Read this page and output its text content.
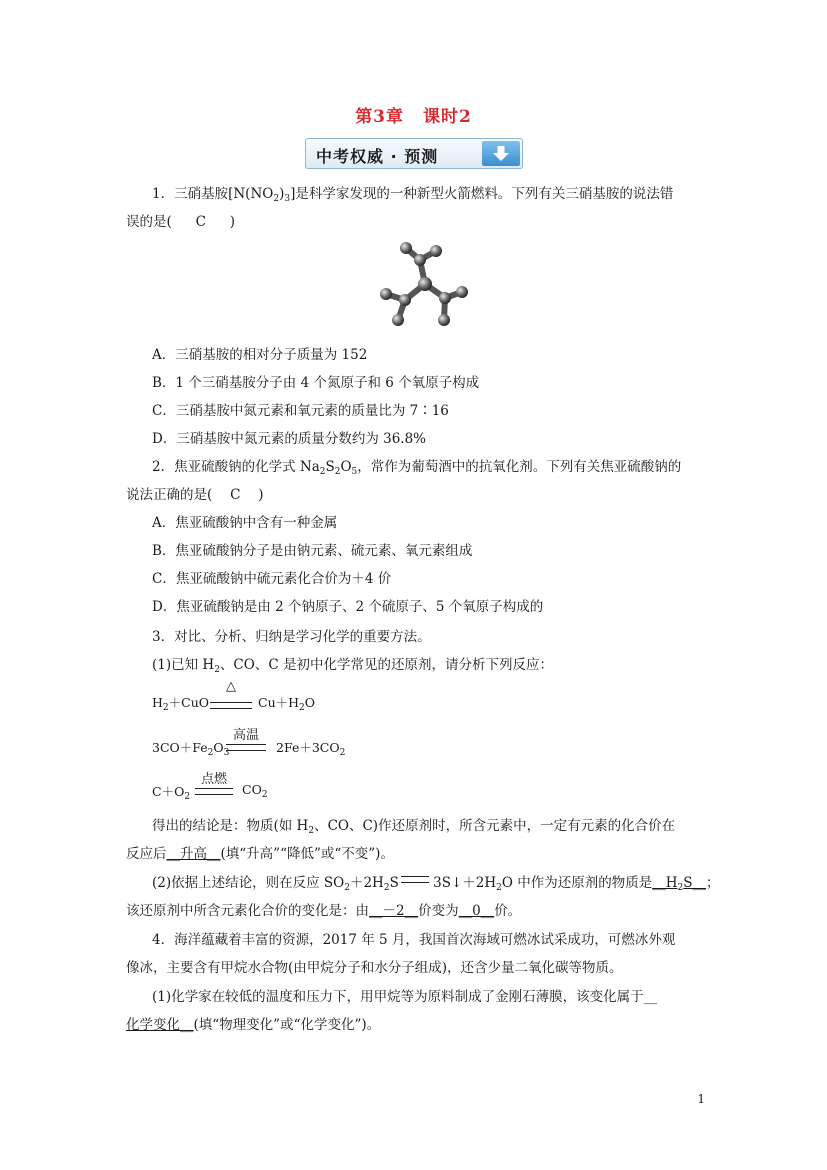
第3章 课时2
中考权威 · 预测
1．三硝基胺$[N(NO_2)_3]$是科学家发现的一种新型火箭燃料。下列有关三硝基胺的说法错
误的是( C )
A．三硝基胺的相对分子质量为 152
B．1 个三硝基胺分子由 4 个氮原子和 6 个氧原子构成
C．三硝基胺中氮元素和氧元素的质量比为 7∶16
D．三硝基胺中氮元素的质量分数约为 36.8%
2．焦亚硫酸钠的化学式 $Na_2S_2O_5$，常作为葡萄酒中的抗氧化剂。下列有关焦亚硫酸钠的
说法正确的是( C )
A．焦亚硫酸钠中含有一种金属
B．焦亚硫酸钠分子是由钠元素、硫元素、氧元素组成
C．焦亚硫酸钠中硫元素化合价为＋4 价
D．焦亚硫酸钠是由 2 个钠原子、2 个硫原子、5 个氧原子构成的
3．对比、分析、归纳是学习化学的重要方法。
(1)已知 $H_2$、CO、C 是初中化学常见的还原剂，请分析下列反应：
$H_2+CuO$
△
$Cu+H_2O$
$3CO+Fe_2O_3$
高温
$2Fe+3CO_2$
$C+O_2$
点燃
$CO_2$
得出的结论是：物质(如 $H_2$、CO、C)作还原剂时，所含元素中，一定有元素的化合价在
反应后__升高__(填“升高”“降低”或“不变”)。
(2)依据上述结论，则在反应 $SO_2+2H_2S$ $3S↓+2H_2O$ 中作为还原剂的物质是$\_\_H_2S\_\_$；
该还原剂中所含元素化合价的变化是：由__－2__价变为__0__价。
4．海洋蕴藏着丰富的资源，2017 年 5 月，我国首次海域可燃冰试采成功，可燃冰外观
像冰，主要含有甲烷水合物(由甲烷分子和水分子组成)，还含少量二氧化碳等物质。
(1)化学家在较低的温度和压力下，用甲烷等为原料制成了金刚石薄膜，该变化属于__
化学变化__(填“物理变化”或“化学变化”)。
1
